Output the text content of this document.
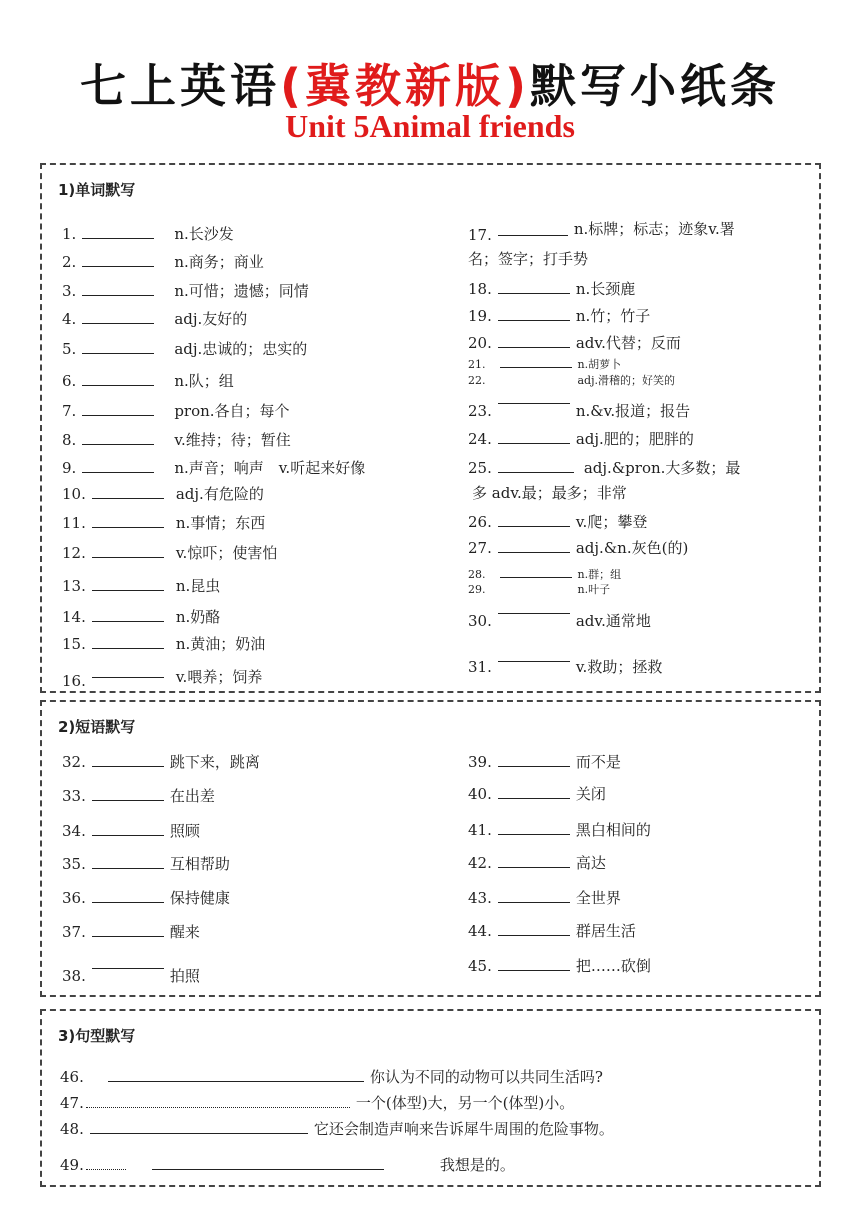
七上英语(冀教新版)默写小纸条
Unit 5Animal friends
1)单词默写
1.	n.长沙发
2.	n.商务；商业
3.	n.可惜；遗憾；同情
4.	adj.友好的
5.	adj.忠诚的；忠实的
6.	n.队；组
7.	pron.各自；每个
8.	v.维持；待；暂住
9.	n.声音；响声　v.听起来好像
10.	adj.有危险的
11.	n.事情；东西
12.	v.惊吓；使害怕
13.	n.昆虫
14.	n.奶酪
15.	n.黄油；奶油
16.	v.喂养；饲养
17.	n.标牌；标志；迹象v.署
名；签字；打手势
18.	n.长颈鹿
19.	n.竹；竹子
20.	adv.代替；反而
21.	n.胡萝卜
22.	adj.滑稽的；好笑的
23.	n.&v.报道；报告
24.	adj.肥的；肥胖的
25.	adj.&pron.大多数；最
多 adv.最；最多；非常
26.	v.爬；攀登
27.	adj.&n.灰色(的)
28.	n.群；组
29.	n.叶子
30.	adv.通常地
31.	v.救助；拯救
2)短语默写
32.	跳下来，跳离
33.	在出差
34.	照顾
35.	互相帮助
36.	保持健康
37.	醒来
38.	拍照
39.	而不是
40.	关闭
41.	黑白相间的
42.	高达
43.	全世界
44.	群居生活
45.	把……砍倒
3)句型默写
46.	你认为不同的动物可以共同生活吗?
47.	一个(体型)大，另一个(体型)小。
48.	它还会制造声响来告诉犀牛周围的危险事物。
49.	我想是的。
